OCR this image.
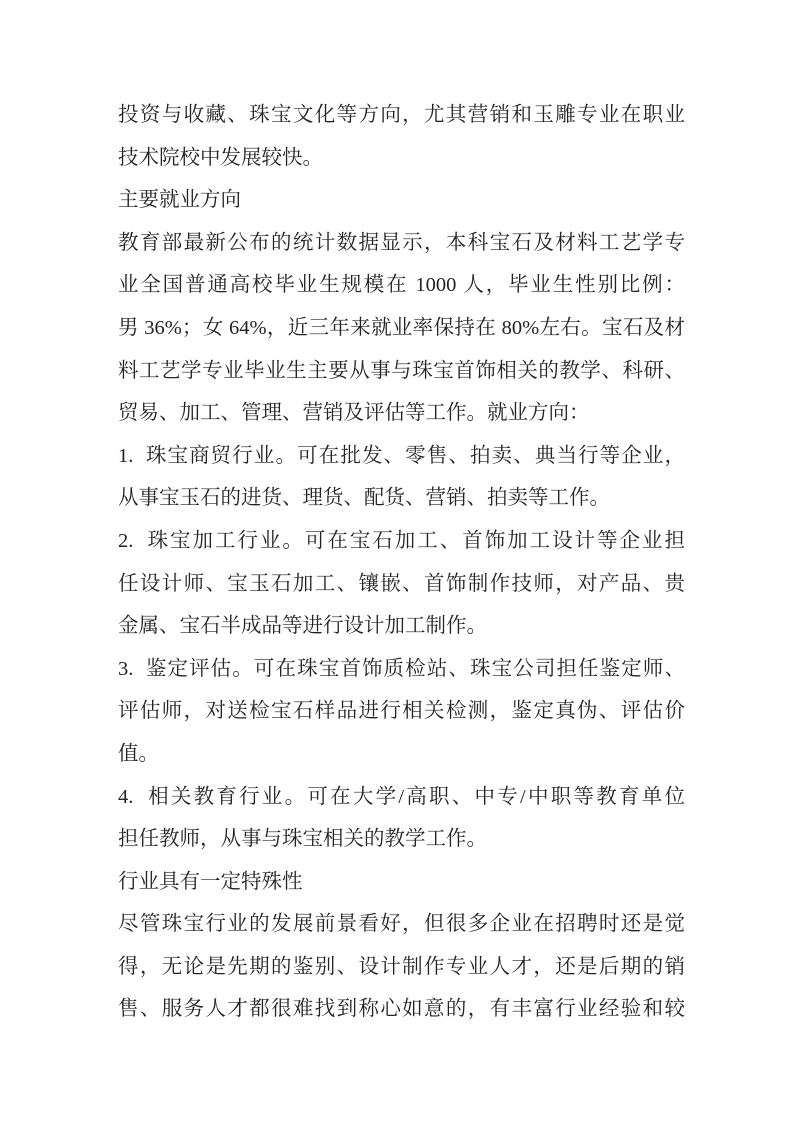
投资与收藏、珠宝文化等方向，尤其营销和玉雕专业在职业
技术院校中发展较快。
主要就业方向
教育部最新公布的统计数据显示，本科宝石及材料工艺学专
业全国普通高校毕业生规模在 1000 人，毕业生性别比例：
男 36%；女 64%，近三年来就业率保持在 80%左右。宝石及材
料工艺学专业毕业生主要从事与珠宝首饰相关的教学、科研、
贸易、加工、管理、营销及评估等工作。就业方向：
1.  珠宝商贸行业。可在批发、零售、拍卖、典当行等企业，
从事宝玉石的进货、理货、配货、营销、拍卖等工作。
2.  珠宝加工行业。可在宝石加工、首饰加工设计等企业担
任设计师、宝玉石加工、镶嵌、首饰制作技师，对产品、贵
金属、宝石半成品等进行设计加工制作。
3.  鉴定评估。可在珠宝首饰质检站、珠宝公司担任鉴定师、
评估师，对送检宝石样品进行相关检测，鉴定真伪、评估价
值。
4.  相关教育行业。可在大学/高职、中专/中职等教育单位
担任教师，从事与珠宝相关的教学工作。
行业具有一定特殊性
尽管珠宝行业的发展前景看好，但很多企业在招聘时还是觉
得，无论是先期的鉴别、设计制作专业人才，还是后期的销
售、服务人才都很难找到称心如意的，有丰富行业经验和较
